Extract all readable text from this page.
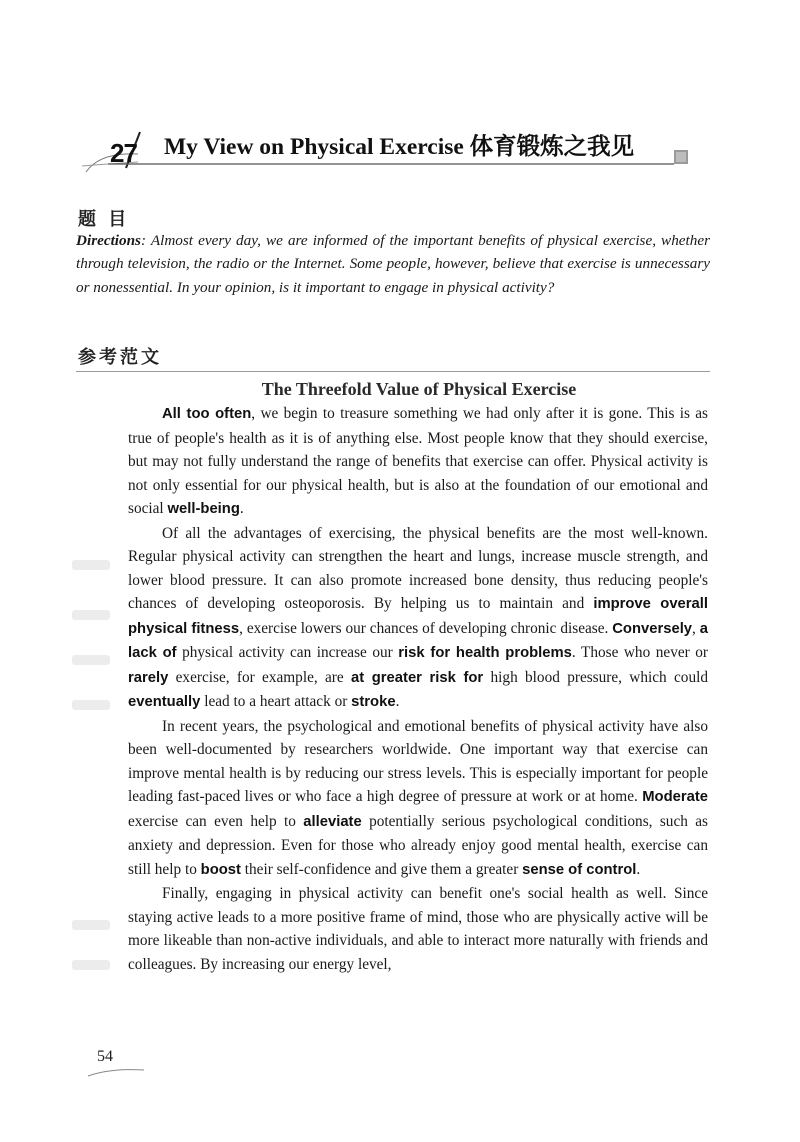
27 My View on Physical Exercise 体育锻炼之我见
题 目
Directions: Almost every day, we are informed of the important benefits of physical exercise, whether through television, the radio or the Internet. Some people, however, believe that exercise is unnecessary or nonessential. In your opinion, is it important to engage in physical activity?
参考范文
The Threefold Value of Physical Exercise

All too often, we begin to treasure something we had only after it is gone. This is as true of people's health as it is of anything else. Most people know that they should exercise, but may not fully understand the range of benefits that exercise can offer. Physical activity is not only essential for our physical health, but is also at the foundation of our emotional and social well-being.

Of all the advantages of exercising, the physical benefits are the most well-known. Regular physical activity can strengthen the heart and lungs, increase muscle strength, and lower blood pressure. It can also promote increased bone density, thus reducing people's chances of developing osteoporosis. By helping us to maintain and improve overall physical fitness, exercise lowers our chances of developing chronic disease. Conversely, a lack of physical activity can increase our risk for health problems. Those who never or rarely exercise, for example, are at greater risk for high blood pressure, which could eventually lead to a heart attack or stroke.

In recent years, the psychological and emotional benefits of physical activity have also been well-documented by researchers worldwide. One important way that exercise can improve mental health is by reducing our stress levels. This is especially important for people leading fast-paced lives or who face a high degree of pressure at work or at home. Moderate exercise can even help to alleviate potentially serious psychological conditions, such as anxiety and depression. Even for those who already enjoy good mental health, exercise can still help to boost their self-confidence and give them a greater sense of control.

Finally, engaging in physical activity can benefit one's social health as well. Since staying active leads to a more positive frame of mind, those who are physically active will be more likeable than non-active individuals, and able to interact more naturally with friends and colleagues. By increasing our energy level,

54
